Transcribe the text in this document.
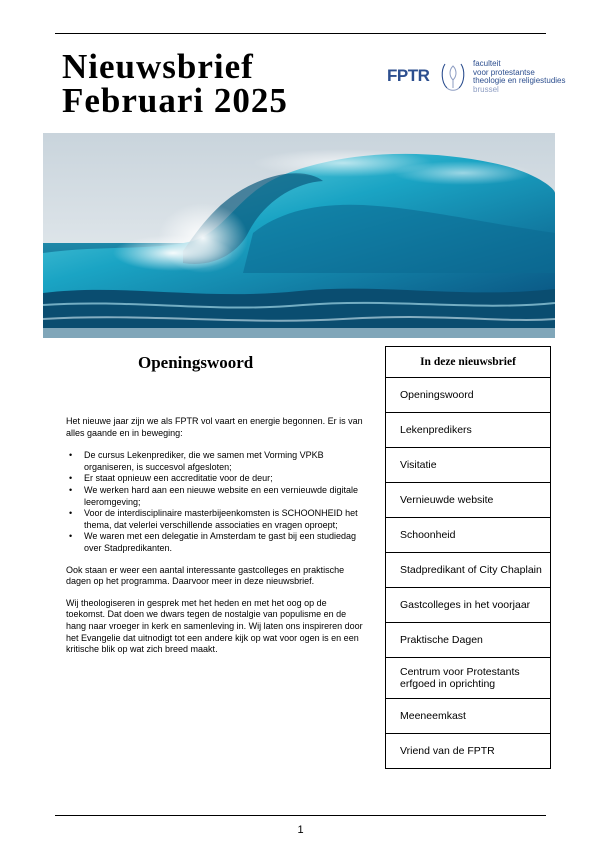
Nieuwsbrief
Februari 2025
FPTR
faculteit
voor protestantse
theologie en religiestudies
brussel
Openingswoord

Het nieuwe jaar zijn we als FPTR vol vaart en energie begonnen. Er is van alles gaande en in beweging:

• De cursus Lekenprediker, die we samen met Vorming VPKB organiseren, is succesvol afgesloten;
• Er staat opnieuw een accreditatie voor de deur;
• We werken hard aan een nieuwe website en een vernieuwde digitale leeromgeving;
• Voor de interdisciplinaire masterbijeenkomsten is SCHOONHEID het thema, dat velerlei verschillende associaties en vragen oproept;
• We waren met een delegatie in Amsterdam te gast bij een studiedag over Stadpredikanten.

Ook staan er weer een aantal interessante gastcolleges en praktische dagen op het programma. Daarvoor meer in deze nieuwsbrief.

Wij theologiseren in gesprek met het heden en met het oog op de toekomst. Dat doen we dwars tegen de nostalgie van populisme en de hang naar vroeger in kerk en samenleving in. Wij laten ons inspireren door het Evangelie dat uitnodigt tot een andere kijk op wat voor ogen is en een kritische blik op wat zich breed maakt.

In deze nieuwsbrief
Openingswoord
Lekenpredikers
Visitatie
Vernieuwde website
Schoonheid
Stadpredikant of City Chaplain
Gastcolleges in het voorjaar
Praktische Dagen
Centrum voor Protestants erfgoed in oprichting
Meeneemkast
Vriend van de FPTR
1
